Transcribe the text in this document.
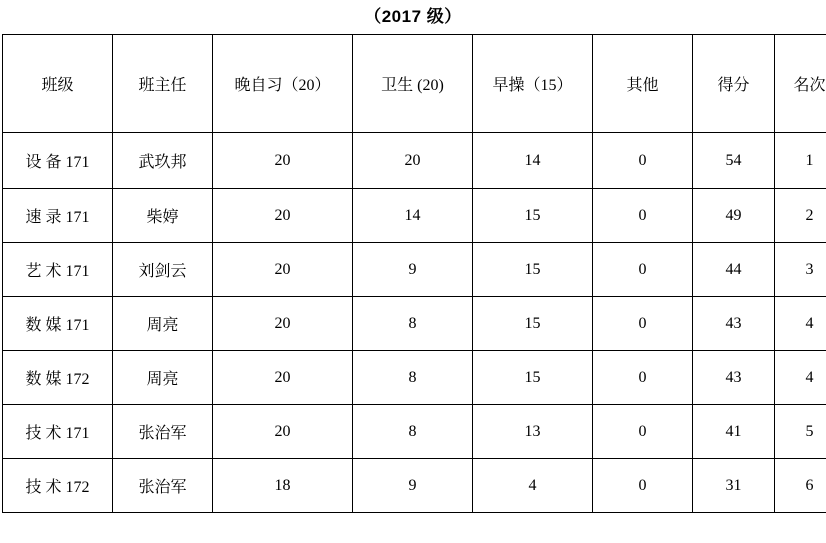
（2017 级）
班级	班主任	晚自习（20）	卫生 (20)	早操（15）	其他	得分	名次
设 备 171	武玖邦	20	20	14	0	54	1
速 录 171	柴婷	20	14	15	0	49	2
艺 术 171	刘剑云	20	9	15	0	44	3
数 媒 171	周亮	20	8	15	0	43	4
数 媒 172	周亮	20	8	15	0	43	4
技 术 171	张治军	20	8	13	0	41	5
技 术 172	张治军	18	9	4	0	31	6
